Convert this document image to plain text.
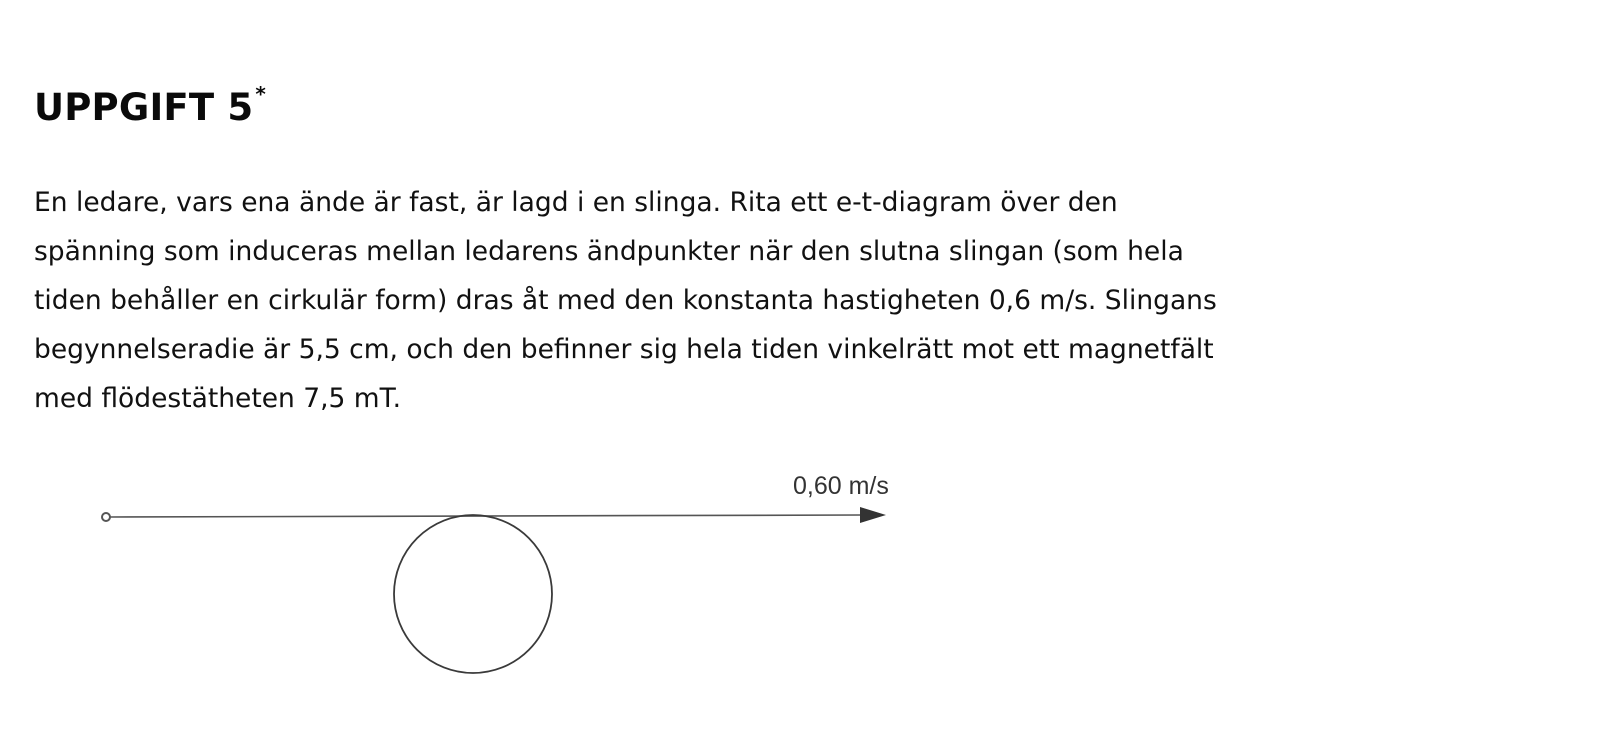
UPPGIFT 5 *

En ledare, vars ena ände är fast, är lagd i en slinga. Rita ett e-t-diagram över den
spänning som induceras mellan ledarens ändpunkter när den slutna slingan (som hela
tiden behåller en cirkulär form) dras åt med den konstanta hastigheten 0,6 m/s. Slingans
begynnelseradie är 5,5 cm, och den befinner sig hela tiden vinkelrätt mot ett magnetfält
med flödestätheten 7,5 mT.

0,60 m/s
